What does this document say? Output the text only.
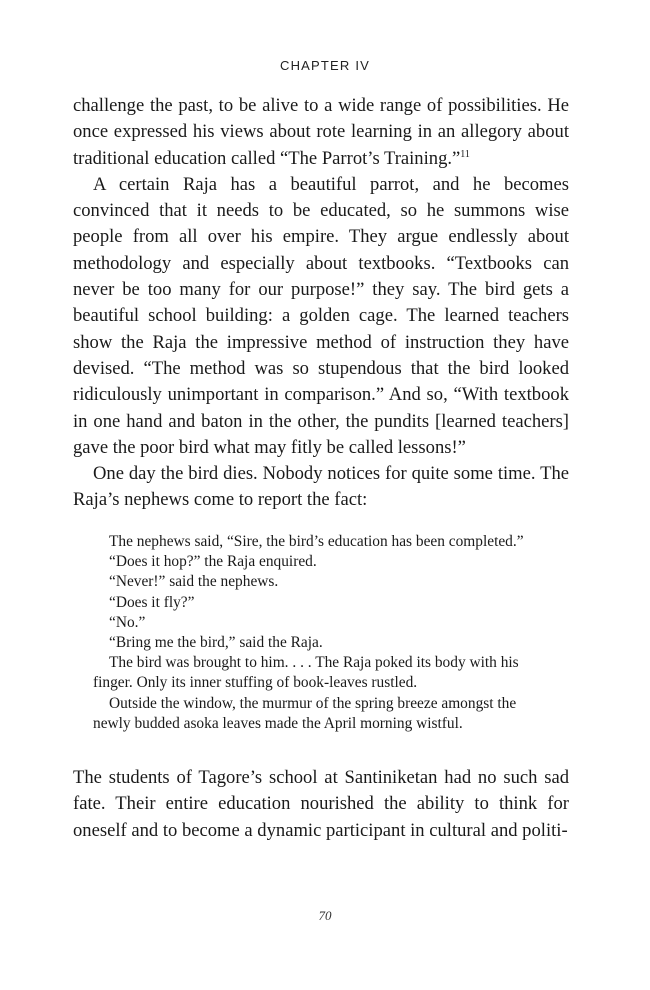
CHAPTER IV

challenge the past, to be alive to a wide range of possibilities. He once expressed his views about rote learning in an allegory about traditional education called “The Parrot’s Training.”$^{11}$

A certain Raja has a beautiful parrot, and he becomes convinced that it needs to be educated, so he summons wise people from all over his empire. They argue endlessly about methodology and especially about textbooks. “Textbooks can never be too many for our purpose!” they say. The bird gets a beautiful school building: a golden cage. The learned teachers show the Raja the impressive method of instruction they have devised. “The method was so stupendous that the bird looked ridiculously unimportant in comparison.” And so, “With textbook in one hand and baton in the other, the pundits [learned teachers] gave the poor bird what may fitly be called lessons!”

One day the bird dies. Nobody notices for quite some time. The Raja’s nephews come to report the fact:

The nephews said, “Sire, the bird’s education has been completed.”

“Does it hop?” the Raja enquired.

“Never!” said the nephews.

“Does it fly?”

“No.”

“Bring me the bird,” said the Raja.

The bird was brought to him. . . . The Raja poked its body with his finger. Only its inner stuffing of book-leaves rustled.

Outside the window, the murmur of the spring breeze amongst the newly budded asoka leaves made the April morning wistful.

The students of Tagore’s school at Santiniketan had no such sad fate. Their entire education nourished the ability to think for oneself and to become a dynamic participant in cultural and politi-

70
